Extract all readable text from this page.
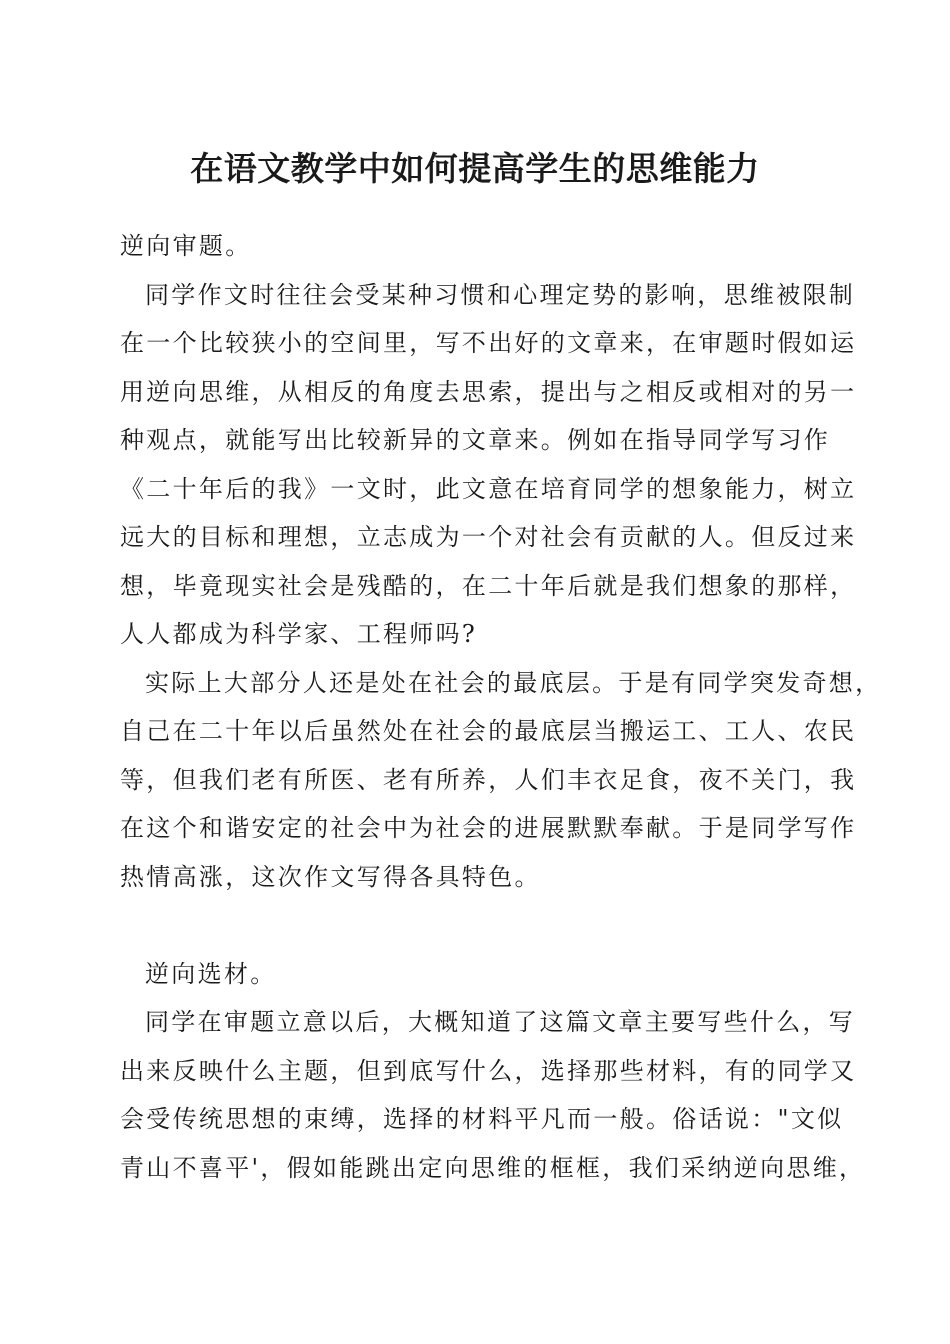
在语文教学中如何提高学生的思维能力
逆向审题。
同学作文时往往会受某种习惯和心理定势的影响，思维被限制
在一个比较狭小的空间里，写不出好的文章来，在审题时假如运
用逆向思维，从相反的角度去思索，提出与之相反或相对的另一
种观点，就能写出比较新异的文章来。例如在指导同学写习作
《二十年后的我》一文时，此文意在培育同学的想象能力，树立
远大的目标和理想，立志成为一个对社会有贡献的人。但反过来
想，毕竟现实社会是残酷的，在二十年后就是我们想象的那样，
人人都成为科学家、工程师吗?
实际上大部分人还是处在社会的最底层。于是有同学突发奇想，
自己在二十年以后虽然处在社会的最底层当搬运工、工人、农民
等，但我们老有所医、老有所养，人们丰衣足食，夜不关门，我
在这个和谐安定的社会中为社会的进展默默奉献。于是同学写作
热情高涨，这次作文写得各具特色。
逆向选材。
同学在审题立意以后，大概知道了这篇文章主要写些什么，写
出来反映什么主题，但到底写什么，选择那些材料，有的同学又
会受传统思想的束缚，选择的材料平凡而一般。俗话说："文似
青山不喜平'，假如能跳出定向思维的框框，我们采纳逆向思维，
